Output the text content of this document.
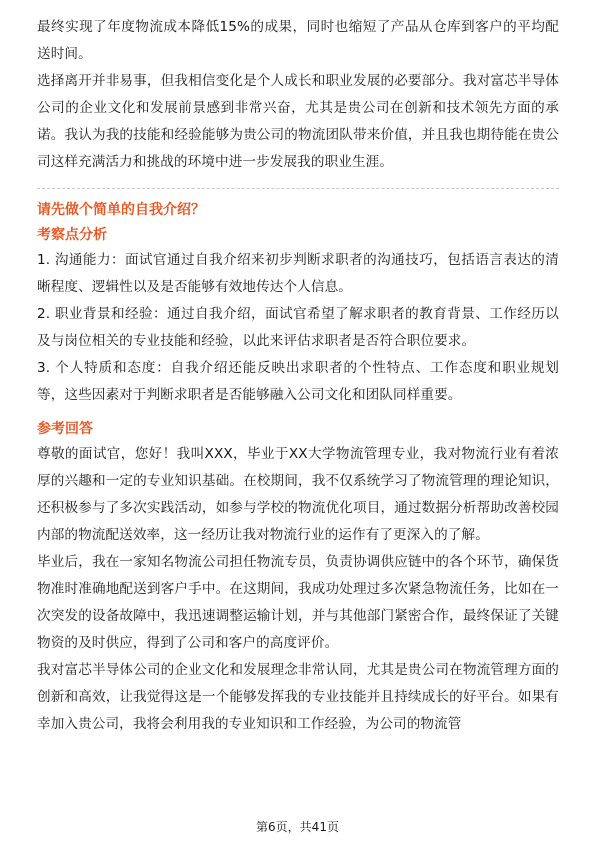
最终实现了年度物流成本降低15%的成果，同时也缩短了产品从仓库到客户的平均配送时间。

选择离开并非易事，但我相信变化是个人成长和职业发展的必要部分。我对富芯半导体公司的企业文化和发展前景感到非常兴奋，尤其是贵公司在创新和技术领先方面的承诺。我认为我的技能和经验能够为贵公司的物流团队带来价值，并且我也期待能在贵公司这样充满活力和挑战的环境中进一步发展我的职业生涯。

请先做个简单的自我介绍？
考察点分析

1. 沟通能力：面试官通过自我介绍来初步判断求职者的沟通技巧，包括语言表达的清晰程度、逻辑性以及是否能够有效地传达个人信息。

2. 职业背景和经验：通过自我介绍，面试官希望了解求职者的教育背景、工作经历以及与岗位相关的专业技能和经验，以此来评估求职者是否符合职位要求。

3. 个人特质和态度：自我介绍还能反映出求职者的个性特点、工作态度和职业规划等，这些因素对于判断求职者是否能够融入公司文化和团队同样重要。

参考回答

尊敬的面试官，您好！我叫XXX，毕业于XX大学物流管理专业，我对物流行业有着浓厚的兴趣和一定的专业知识基础。在校期间，我不仅系统学习了物流管理的理论知识，还积极参与了多次实践活动，如参与学校的物流优化项目，通过数据分析帮助改善校园内部的物流配送效率，这一经历让我对物流行业的运作有了更深入的了解。

毕业后，我在一家知名物流公司担任物流专员，负责协调供应链中的各个环节，确保货物准时准确地配送到客户手中。在这期间，我成功处理过多次紧急物流任务，比如在一次突发的设备故障中，我迅速调整运输计划，并与其他部门紧密合作，最终保证了关键物资的及时供应，得到了公司和客户的高度评价。

我对富芯半导体公司的企业文化和发展理念非常认同，尤其是贵公司在物流管理方面的创新和高效，让我觉得这是一个能够发挥我的专业技能并且持续成长的好平台。如果有幸加入贵公司，我将会利用我的专业知识和工作经验，为公司的物流管

第6页，共41页
